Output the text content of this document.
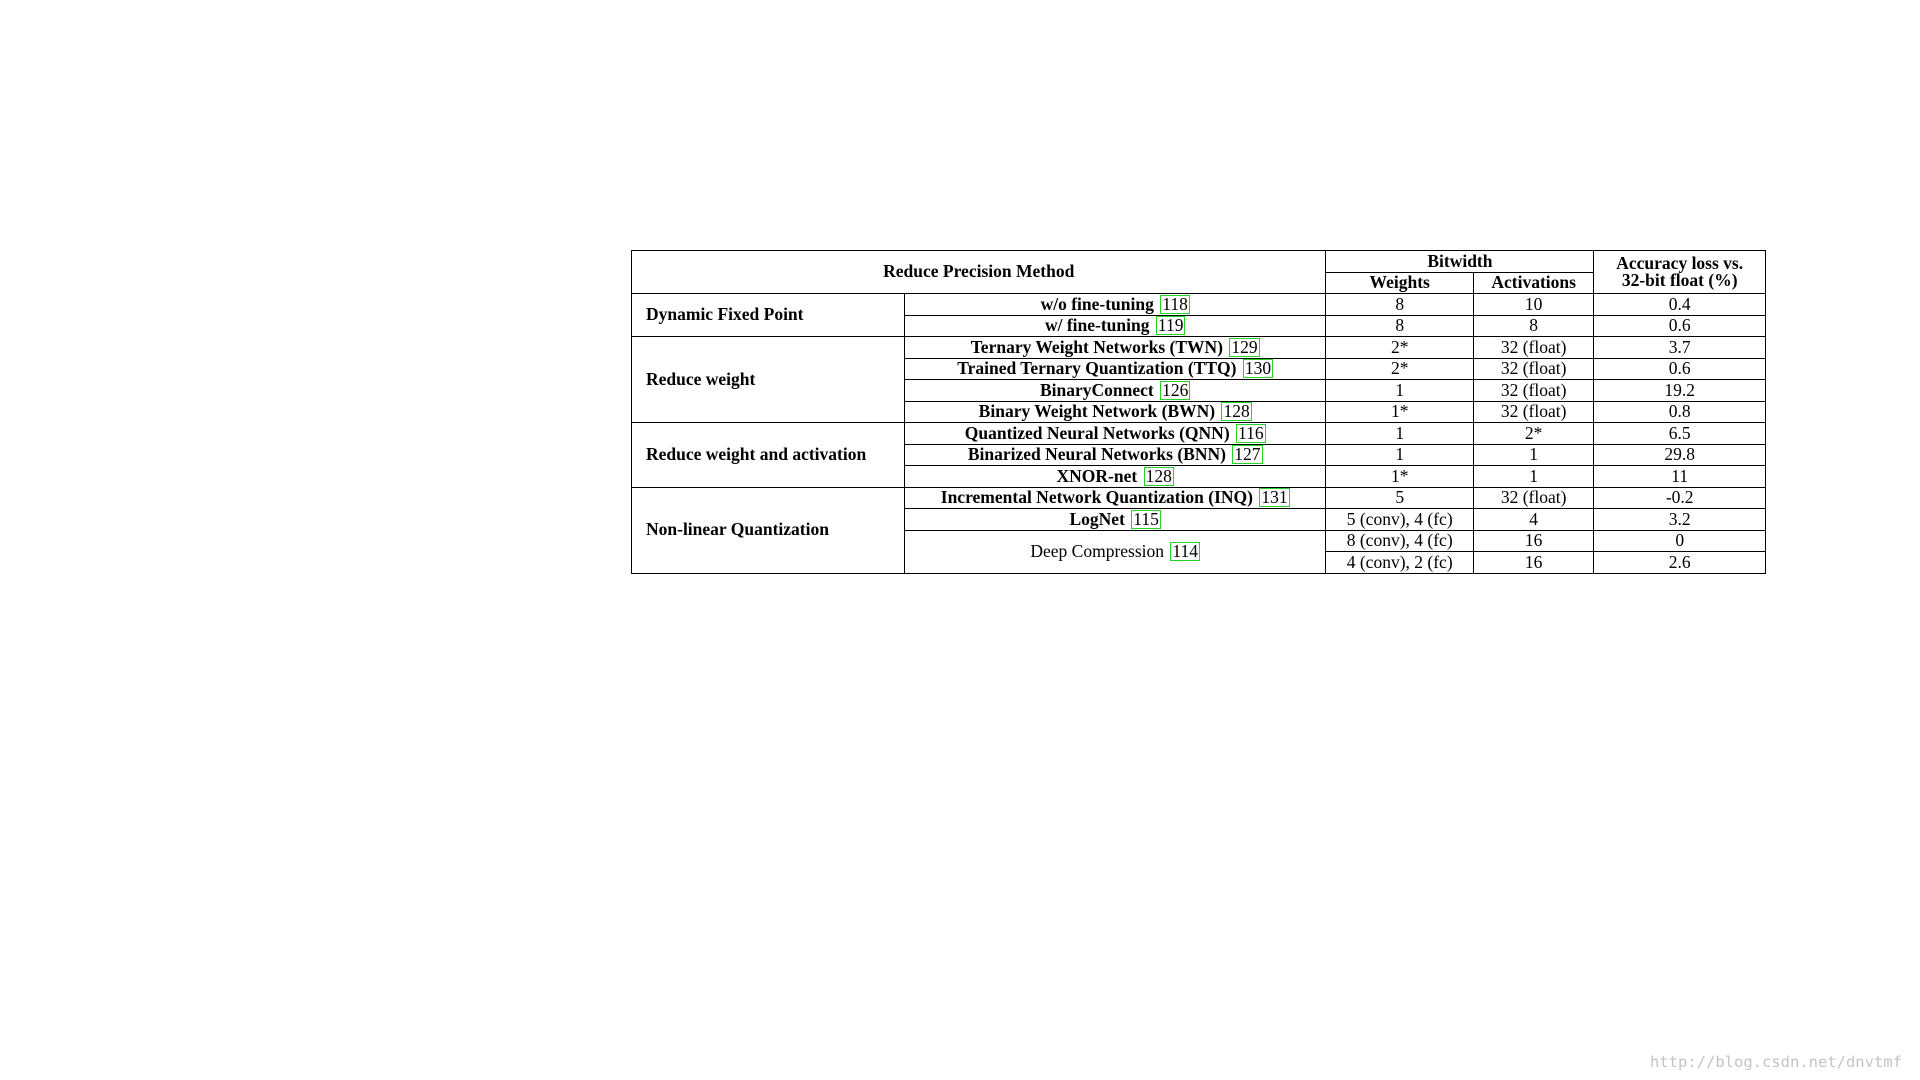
Reduce Precision Method		Bitwidth		Accuracy loss vs.
32-bit float (%)
		Weights	Activations	
Dynamic Fixed Point	w/o fine-tuning 118	8	10	0.4
	w/ fine-tuning 119	8	8	0.6
Reduce weight	Ternary Weight Networks (TWN) 129	2*	32 (float)	3.7
	Trained Ternary Quantization (TTQ) 130	2*	32 (float)	0.6
	BinaryConnect 126	1	32 (float)	19.2
	Binary Weight Network (BWN) 128	1*	32 (float)	0.8
Reduce weight and activation	Quantized Neural Networks (QNN) 116	1	2*	6.5
	Binarized Neural Networks (BNN) 127	1	1	29.8
	XNOR-net 128	1*	1	11
Non-linear Quantization	Incremental Network Quantization (INQ) 131	5	32 (float)	-0.2
	LogNet 115	5 (conv), 4 (fc)	4	3.2
	Deep Compression 114	8 (conv), 4 (fc)	16	0
		4 (conv), 2 (fc)	16	2.6
http://blog.csdn.net/dnvtmf
